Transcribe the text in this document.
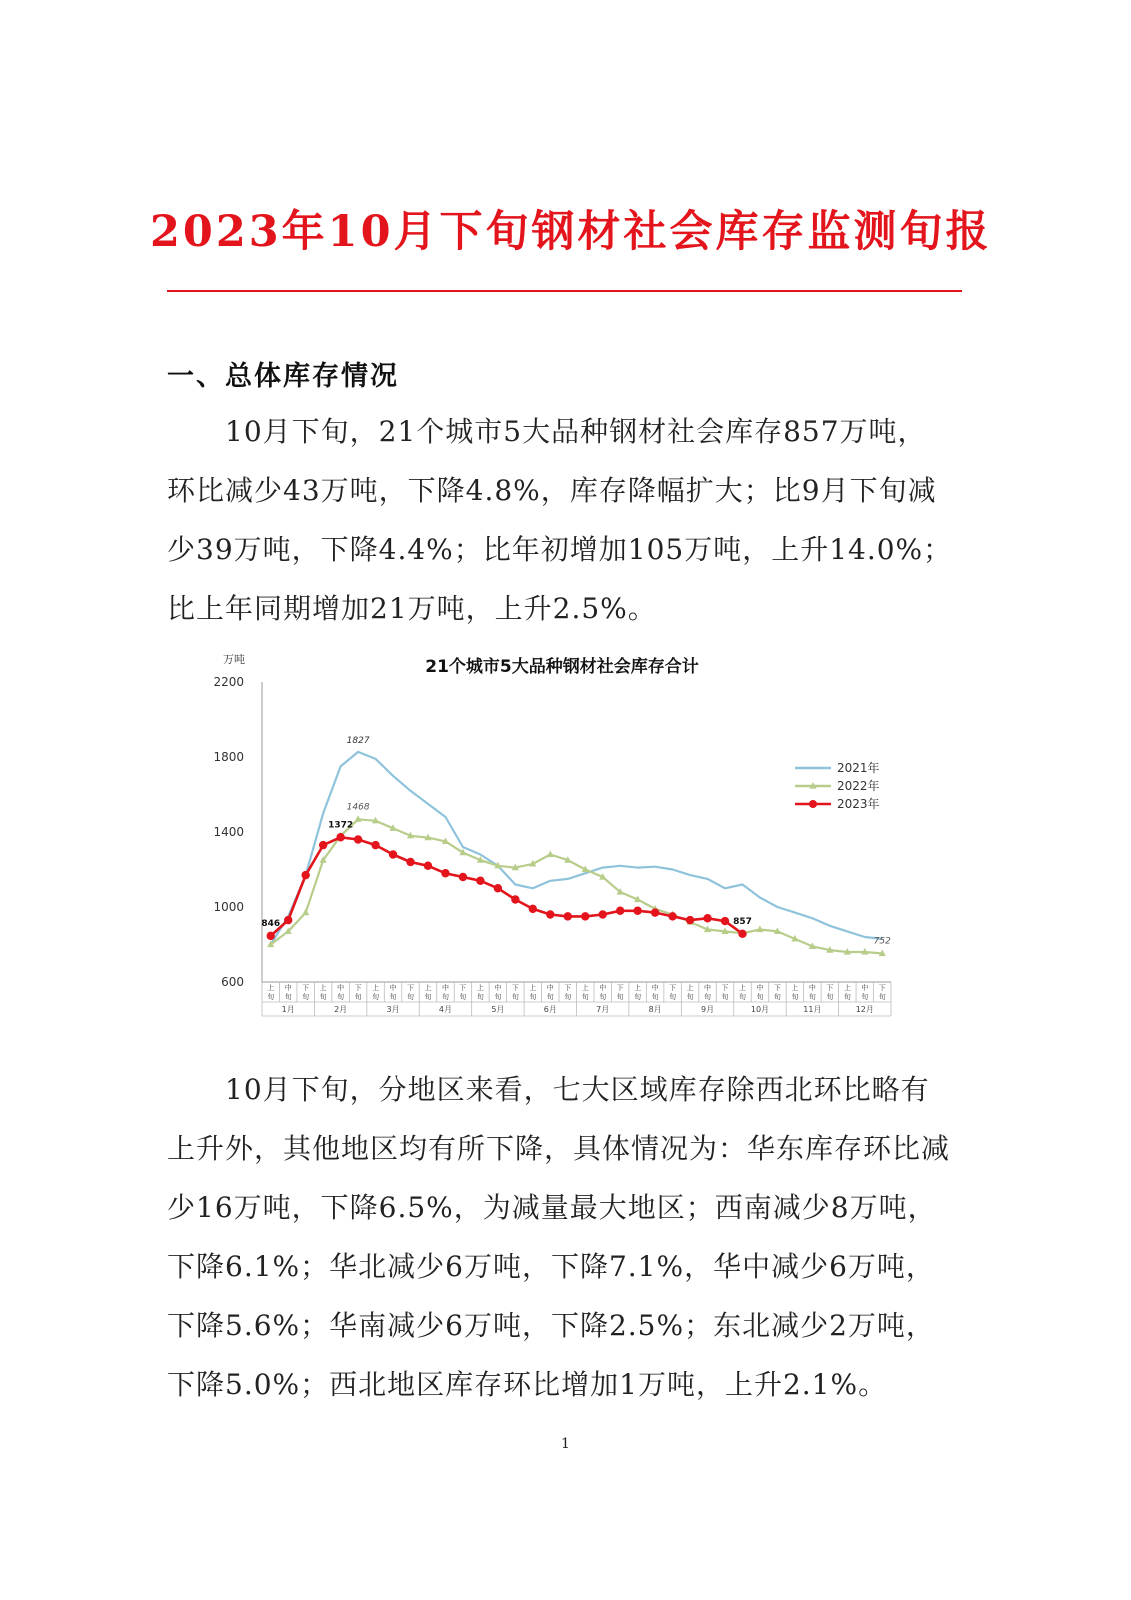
2023年10月下旬钢材社会库存监测旬报
一、总体库存情况
10月下旬，21个城市5大品种钢材社会库存857万吨，
环比减少43万吨，下降4.8%，库存降幅扩大；比9月下旬减
少39万吨，下降4.4%；比年初增加105万吨，上升14.0%；
比上年同期增加21万吨，上升2.5%。
21个城市5大品种钢材社会库存合计
万吨
600
1000
1400
1800
2200
上
旬
中
旬
下
旬
上
旬
中
旬
下
旬
上
旬
中
旬
下
旬
上
旬
中
旬
下
旬
上
旬
中
旬
下
旬
上
旬
中
旬
下
旬
上
旬
中
旬
下
旬
上
旬
中
旬
下
旬
上
旬
中
旬
下
旬
上
旬
中
旬
下
旬
上
旬
中
旬
下
旬
上
旬
中
旬
下
旬
1月	2月	3月	4月	5月	6月	7月	8月	9月	10月	11月	12月
846
1372
857
1827
1468
752
2021年
2022年
2023年
10月下旬，分地区来看，七大区域库存除西北环比略有
上升外，其他地区均有所下降，具体情况为：华东库存环比减
少16万吨，下降6.5%，为减量最大地区；西南减少8万吨，
下降6.1%；华北减少6万吨，下降7.1%，华中减少6万吨，
下降5.6%；华南减少6万吨，下降2.5%；东北减少2万吨，
下降5.0%；西北地区库存环比增加1万吨，上升2.1%。
1
